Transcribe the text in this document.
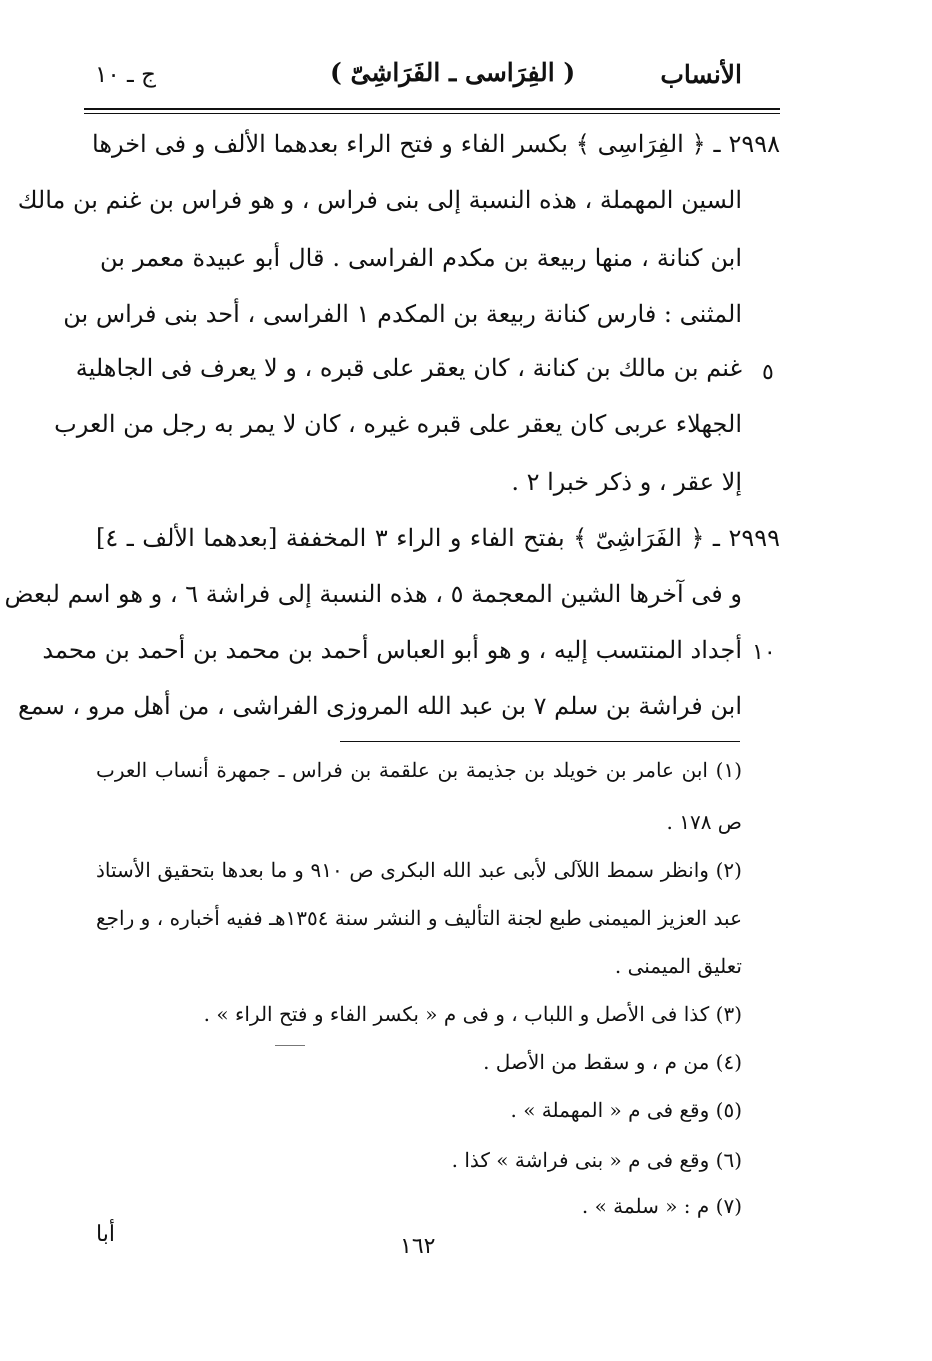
الأنساب
( الفِرَاسى ـ الفَرَاشِىّ )
ج ـ ١٠
٢٩٩٨ ـ ﴿ الفِرَاسِى ﴾ بكسر الفاء و فتح الراء بعدهما الألف و فى اخرها
السين المهملة ، هذه النسبة إلى بنى فراس ، و هو فراس بن غنم بن مالك
ابن كنانة ، منها ربيعة بن مكدم الفراسى . قال أبو عبيدة معمر بن
المثنى : فارس كنانة ربيعة بن المكدم ١ الفراسى ، أحد بنى فراس بن
غنم بن مالك بن كنانة ، كان يعقر على قبره ، و لا يعرف فى الجاهلية ٥
الجهلاء عربى كان يعقر على قبره غيره ، كان لا يمر به رجل من العرب
إلا عقر ، و ذكر خبرا ٢ .
٢٩٩٩ ـ ﴿ الفَرَاشِىّ ﴾ بفتح الفاء و الراء ٣ المخففة [بعدهما الألف ـ ٤]
و فى آخرها الشين المعجمة ٥ ، هذه النسبة إلى فراشة ٦ ، و هو اسم لبعض
أجداد المنتسب إليه ، و هو أبو العباس أحمد بن محمد بن أحمد بن محمد ١٠
ابن فراشة بن سلم ٧ بن عبد الله المروزى الفراشى ، من أهل مرو ، سمع
(١) ابن عامر بن خويلد بن جذيمة بن علقمة بن فراس ـ جمهرة أنساب العرب
ص ١٧٨ .
(٢) وانظر سمط اللآلى لأبى عبد الله البكرى ص ٩١٠ و ما بعدها بتحقيق الأستاذ
عبد العزيز الميمنى طبع لجنة التأليف و النشر سنة ١٣٥٤هـ ففيه أخباره ، و راجع
تعليق الميمنى .
(٣) كذا فى الأصل و اللباب ، و فى م « بكسر الفاء و فتح الراء » .
(٤) من م ، و سقط من الأصل .
(٥) وقع فى م « المهملة » .
(٦) وقع فى م « بنى فراشة » كذا .
(٧) م : « سلمة » .
أبا	١٦٢
